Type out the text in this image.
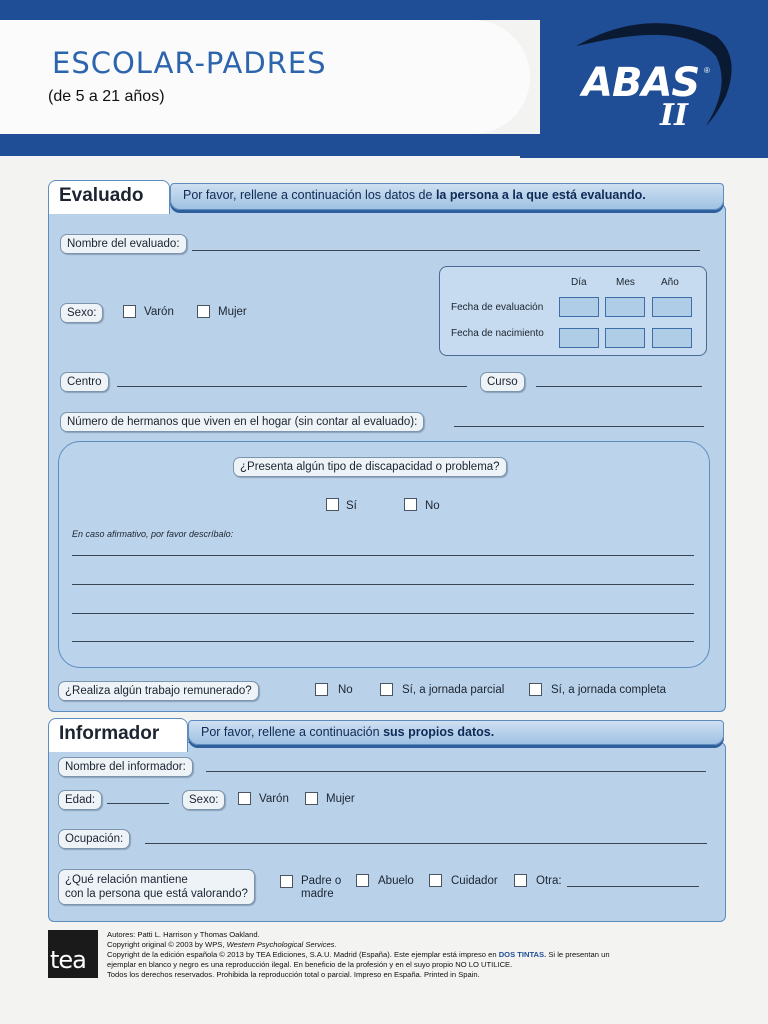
ESCOLAR-PADRES
(de 5 a 21 años)	ABAS ®
II
Evaluado	Por favor, rellene a continuación los datos de la persona a la que está evaluando.
Nombre del evaluado:
Día	Mes	Año
Fecha de evaluación
Fecha de nacimiento
Sexo:	Varón	Mujer
Centro	Curso
Número de hermanos que viven en el hogar (sin contar al evaluado):
¿Presenta algún tipo de discapacidad o problema?
Sí	No
En caso afirmativo, por favor descríbalo:
¿Realiza algún trabajo remunerado?	No	Sí, a jornada parcial	Sí, a jornada completa
Informador	Por favor, rellene a continuación sus propios datos.
Nombre del informador:
Edad:	Sexo:	Varón	Mujer
Ocupación:
¿Qué relación mantiene
con la persona que está valorando?
Padre o
madre
Abuelo	Cuidador	Otra:
tea
Autores: Patti L. Harrison y Thomas Oakland.
Copyright original © 2003 by WPS, Western Psychological Services.
Copyright de la edición española © 2013 by TEA Ediciones, S.A.U. Madrid (España). Este ejemplar está impreso en DOS TINTAS. Si le presentan un
ejemplar en blanco y negro es una reproducción ilegal. En beneficio de la profesión y en el suyo propio NO LO UTILICE.
Todos los derechos reservados. Prohibida la reproducción total o parcial. Impreso en España. Printed in Spain.
